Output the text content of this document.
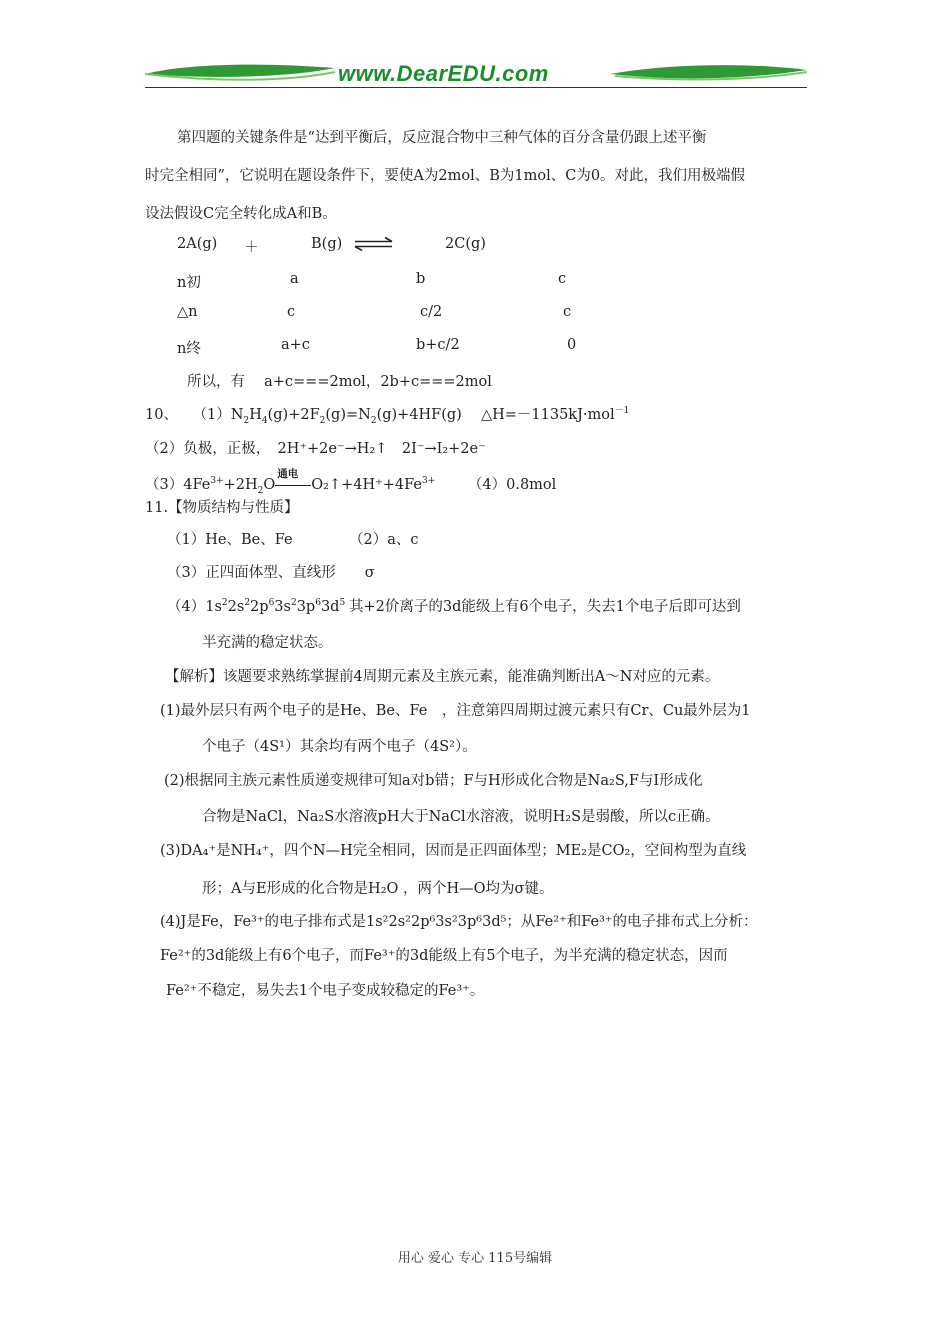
www.DearEDU.com
第四题的关键条件是“达到平衡后，反应混合物中三种气体的百分含量仍跟上述平衡
时完全相同”，它说明在题设条件下，要使A为2mol、B为1mol、C为0。对此，我们用极端假
设法假设C完全转化成A和B。
2A(g) ＋	B(g) ⇌	2C(g)
n初	a	b	c
△n	c	c/2	c
n终	a+c	b+c/2	0
所以，有　 a+c===2mol，2b+c===2mol
10、 $(1)N_2H_4(g)+2F_2(g)=N_2(g)+4HF(g)$　 △H=－1135kJ·mol$^{-1}$
（2）负极，正极，　2H⁺+2e⁻→H₂↑　2I⁻→I₂+2e⁻
$(3)4Fe^{3+}+2H_2O$
通电
$O_2↑+4H^++4Fe^{3+}$ （4）0.8mol
11.【物质结构与性质】
（1）He、Be、Fe	（2）a、c
（3）正四面体型、直线形　　σ
$(4)1s^22s^22p^63s^23p^63d^5$ 其+2价离子的3d能级上有6个电子，失去1个电子后即可达到
半充满的稳定状态。
【解析】该题要求熟练掌握前4周期元素及主族元素，能准确判断出A～N对应的元素。
(1)最外层只有两个电子的是He、Be、Fe　，注意第四周期过渡元素只有Cr、Cu最外层为1
个电子（4S¹）其余均有两个电子（4S²）。
(2)根据同主族元素性质递变规律可知a对b错；F与H形成化合物是Na₂S,F与I形成化
合物是NaCl，Na₂S水溶液pH大于NaCl水溶液，说明H₂S是弱酸，所以c正确。
(3)DA₄⁺是NH₄⁺，四个N—H完全相同，因而是正四面体型；ME₂是CO₂，空间构型为直线
形；A与E形成的化合物是H₂O ，两个H—O均为σ键。
(4)J是Fe，Fe³⁺的电子排布式是1s²2s²2p⁶3s²3p⁶3d⁵；从Fe²⁺和Fe³⁺的电子排布式上分析：
Fe²⁺的3d能级上有6个电子，而Fe³⁺的3d能级上有5个电子，为半充满的稳定状态，因而
Fe²⁺不稳定，易失去1个电子变成较稳定的Fe³⁺。
用心 爱心 专心 115号编辑
